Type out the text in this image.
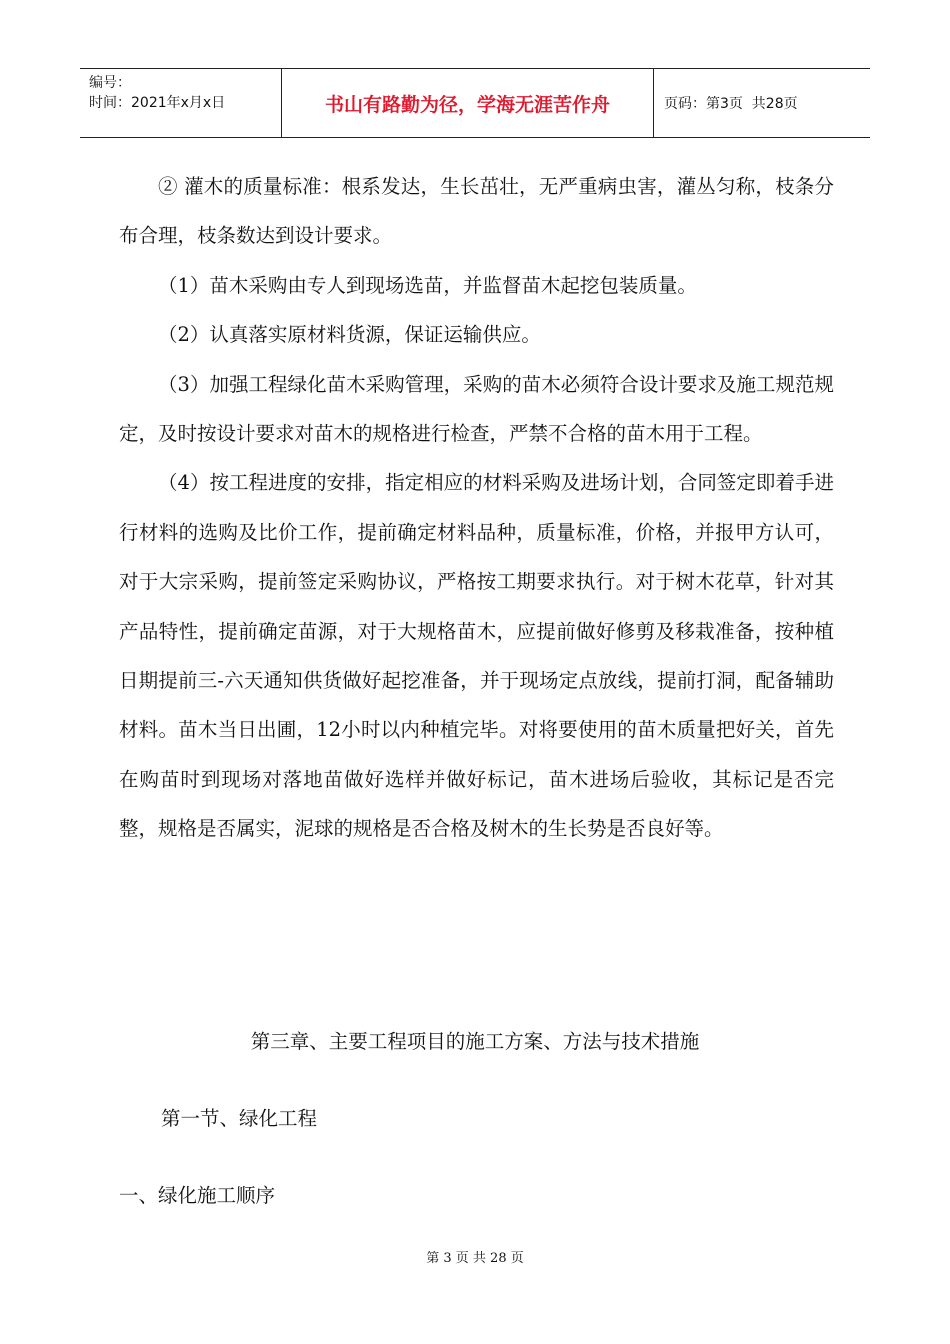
编号：
时间：2021年x月x日	书山有路勤为径，学海无涯苦作舟	页码：第3页  共28页

② 灌木的质量标准：根系发达，生长茁壮，无严重病虫害，灌丛匀称，枝条分布合理，枝条数达到设计要求。

（1）苗木采购由专人到现场选苗，并监督苗木起挖包装质量。

（2）认真落实原材料货源，保证运输供应。

（3）加强工程绿化苗木采购管理，采购的苗木必须符合设计要求及施工规范规定，及时按设计要求对苗木的规格进行检查，严禁不合格的苗木用于工程。

（4）按工程进度的安排，指定相应的材料采购及进场计划，合同签定即着手进行材料的选购及比价工作，提前确定材料品种，质量标准，价格，并报甲方认可，对于大宗采购，提前签定采购协议，严格按工期要求执行。对于树木花草，针对其产品特性，提前确定苗源，对于大规格苗木，应提前做好修剪及移栽准备，按种植日期提前三-六天通知供货做好起挖准备，并于现场定点放线，提前打洞，配备辅助材料。苗木当日出圃，12小时以内种植完毕。对将要使用的苗木质量把好关，首先在购苗时到现场对落地苗做好选样并做好标记，苗木进场后验收，其标记是否完整，规格是否属实，泥球的规格是否合格及树木的生长势是否良好等。

第三章、主要工程项目的施工方案、方法与技术措施
第一节、绿化工程
一、绿化施工顺序
第 3 页 共 28 页
